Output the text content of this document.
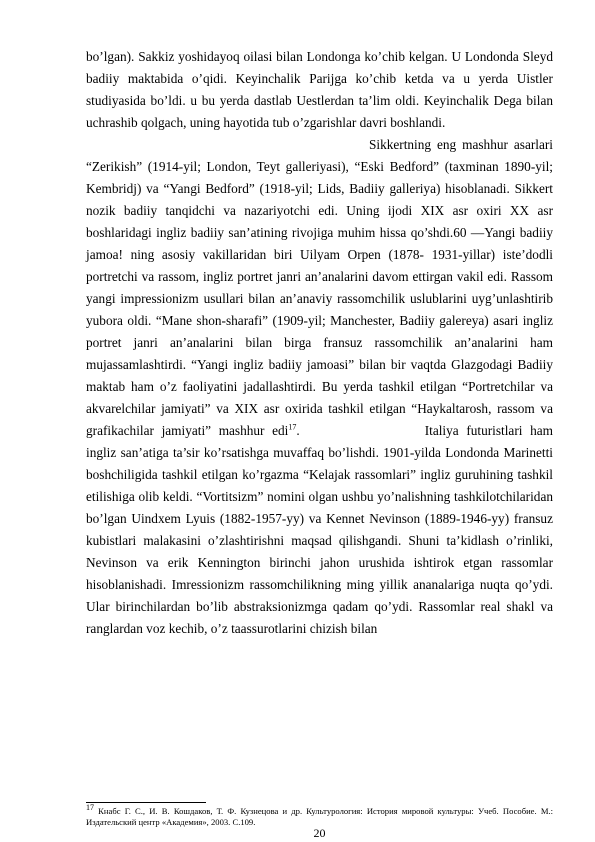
bo’lgan). Sakkiz yoshidayoq oilasi bilan Londonga ko’chib kelgan. U Londonda Sleyd badiiy maktabida o’qidi. Keyinchalik Parijga ko’chib ketda va u yerda Uistler studiyasida bo’ldi. u bu yerda dastlab Uestlerdan ta’lim oldi. Keyinchalik Dega bilan uchrashib qolgach, uning hayotida tub o’zgarishlar davri boshlandi.

Sikkertning eng mashhur asarlari “Zerikish” (1914-yil; London, Teyt galleriyasi), “Eski Bedford” (taxminan 1890-yil; Kembridj) va “Yangi Bedford” (1918-yil; Lids, Badiiy galleriya) hisoblanadi. Sikkert nozik badiiy tanqidchi va nazariyotchi edi. Uning ijodi XIX asr oxiri XX asr boshlaridagi ingliz badiiy san’atining rivojiga muhim hissa qo’shdi.60 —Yangi badiiy jamoa! ning asosiy vakillaridan biri Uilyam Orpen (1878- 1931-yillar) iste’dodli portretchi va rassom, ingliz portret janri an’analarini davom ettirgan vakil edi. Rassom yangi impressionizm usullari bilan an’anaviy rassomchilik uslublarini uyg’unlashtirib yubora oldi. “Mane shon-sharafi” (1909-yil; Manchester, Badiiy galereya) asari ingliz portret janri an’analarini bilan birga fransuz rassomchilik an’analarini ham mujassamlashtirdi. “Yangi ingliz badiiy jamoasi” bilan bir vaqtda Glazgodagi Badiiy maktab ham o’z faoliyatini jadallashtirdi. Bu yerda tashkil etilgan “Portretchilar va akvarelchilar jamiyati” va XIX asr oxirida tashkil etilgan “Haykaltarosh, rassom va grafikachilar jamiyati” mashhur edi$^{17}$.	Italiya futuristlari ham ingliz san’atiga ta’sir ko’rsatishga muvaffaq bo’lishdi. 1901-yilda Londonda Marinetti boshchiligida tashkil etilgan ko’rgazma “Kelajak rassomlari” ingliz guruhining tashkil etilishiga olib keldi. “Vortitsizm” nomini olgan ushbu yo’nalishning tashkilotchilaridan bo’lgan Uindxem Lyuis (1882-1957-yy) va Kennet Nevinson (1889-1946-yy) fransuz kubistlari malakasini o’zlashtirishni maqsad qilishgandi. Shuni ta’kidlash o’rinliki, Nevinson va erik Kennington birinchi jahon urushida ishtirok etgan rassomlar hisoblanishadi. Imressionizm rassomchilikning ming yillik ananalariga nuqta qo’ydi. Ular birinchilardan bo’lib abstraksionizmga qadam qo’ydi. Rassomlar real shakl va ranglardan voz kechib, o’z taassurotlarini chizish bilan

17 Кнабс Г. С., И. В. Кошдаков, Т. Ф. Кузнецова и др. Культурология: История мировой культуры: Учеб. Пособие. М.: Издательский центр «Академия», 2003. С.109.
20
